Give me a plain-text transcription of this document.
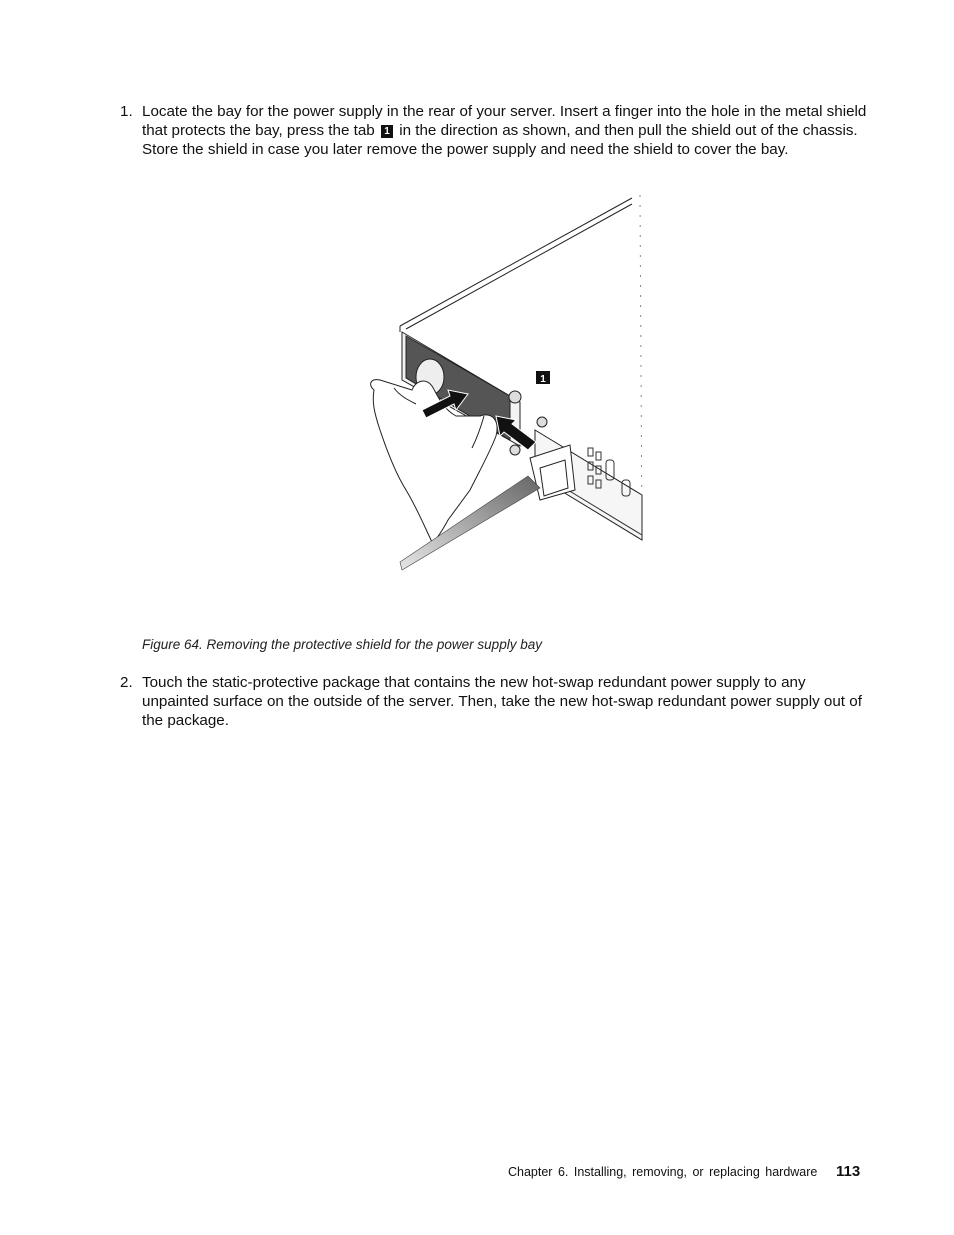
1. Locate the bay for the power supply in the rear of your server. Insert a finger into the hole in the metal shield that protects the bay, press the tab 1 in the direction as shown, and then pull the shield out of the chassis. Store the shield in case you later remove the power supply and need the shield to cover the bay.
1
Figure 64. Removing the protective shield for the power supply bay
2. Touch the static-protective package that contains the new hot-swap redundant power supply to any unpainted surface on the outside of the server. Then, take the new hot-swap redundant power supply out of the package.
Chapter 6. Installing, removing, or replacing hardware 113
